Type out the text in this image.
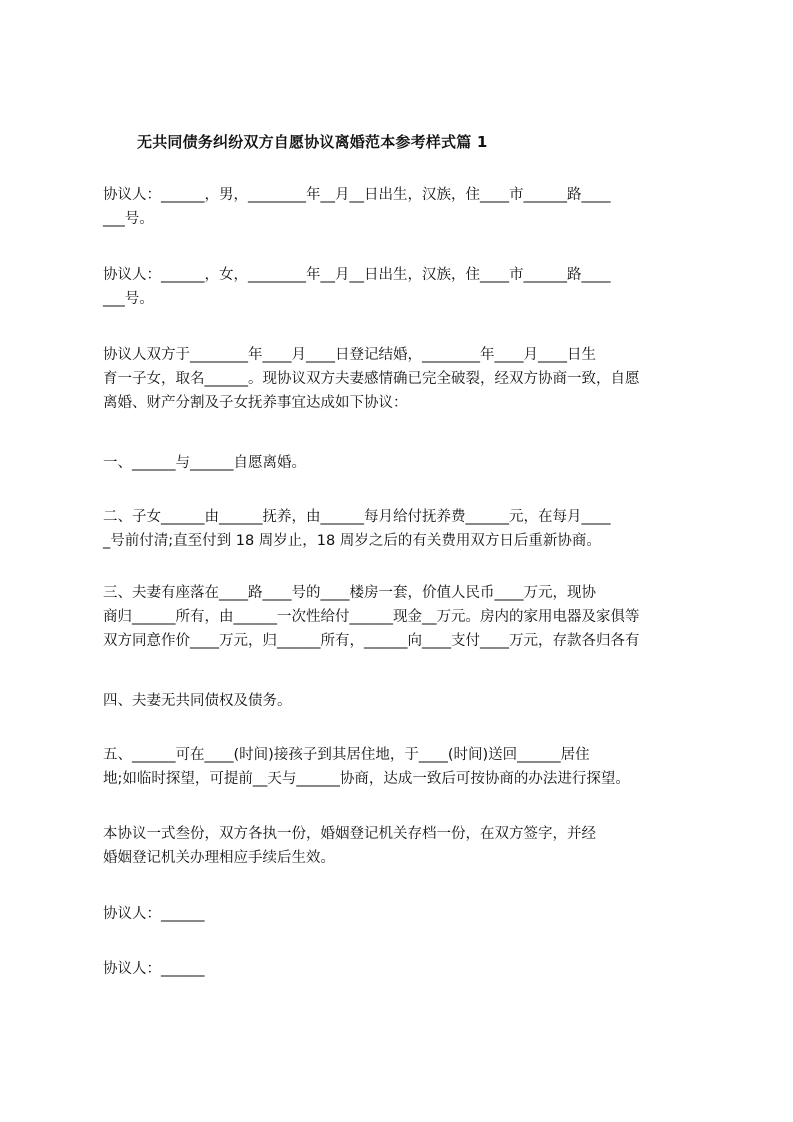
无共同债务纠纷双方自愿协议离婚范本参考样式篇 1
协议人：______，男，________年__月__日出生，汉族，住____市______路____
___号。
协议人：______，女，________年__月__日出生，汉族，住____市______路____
___号。
协议人双方于________年____月____日登记结婚，________年____月____日生
育一子女，取名______。现协议双方夫妻感情确已完全破裂，经双方协商一致，自愿
离婚、财产分割及子女抚养事宜达成如下协议：
一、______与______自愿离婚。
二、子女______由______抚养，由______每月给付抚养费______元，在每月____
_号前付清;直至付到 18 周岁止，18 周岁之后的有关费用双方日后重新协商。
三、夫妻有座落在____路____号的____楼房一套，价值人民币____万元，现协
商归______所有，由______一次性给付______现金__万元。房内的家用电器及家俱等
双方同意作价____万元，归______所有，______向____支付____万元，存款各归各有
四、夫妻无共同债权及债务。
五、______可在____(时间)接孩子到其居住地，于____(时间)送回______居住
地;如临时探望，可提前__天与______协商，达成一致后可按协商的办法进行探望。
本协议一式叁份，双方各执一份，婚姻登记机关存档一份，在双方签字，并经
婚姻登记机关办理相应手续后生效。
协议人：______
协议人：______
